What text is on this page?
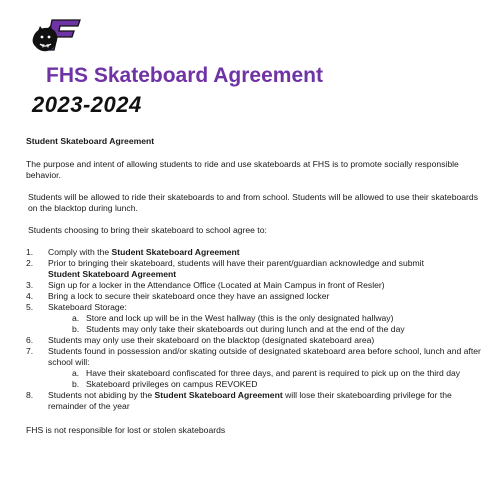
FHS Skateboard Agreement
2023-2024

Student Skateboard Agreement

The purpose and intent of allowing students to ride and use skateboards at FHS is to promote socially responsible behavior.

Students will be allowed to ride their skateboards to and from school. Students will be allowed to use their skateboards on the blacktop during lunch.

Students choosing to bring their skateboard to school agree to:

1. Comply with the Student Skateboard Agreement
2. Prior to bringing their skateboard, students will have their parent/guardian acknowledge and submit
Student Skateboard Agreement
3. Sign up for a locker in the Attendance Office (Located at Main Campus in front of Resler)
4. Bring a lock to secure their skateboard once they have an assigned locker
5. Skateboard Storage:
a. Store and lock up will be in the West hallway (this is the only designated hallway)
b. Students may only take their skateboards out during lunch and at the end of the day
6. Students may only use their skateboard on the blacktop (designated skateboard area)
7. Students found in possession and/or skating outside of designated skateboard area before school, lunch and after school will:
a. Have their skateboard confiscated for three days, and parent is required to pick up on the third day
b. Skateboard privileges on campus REVOKED
8. Students not abiding by the Student Skateboard Agreement will lose their skateboarding privilege for the remainder of the year

FHS is not responsible for lost or stolen skateboards
